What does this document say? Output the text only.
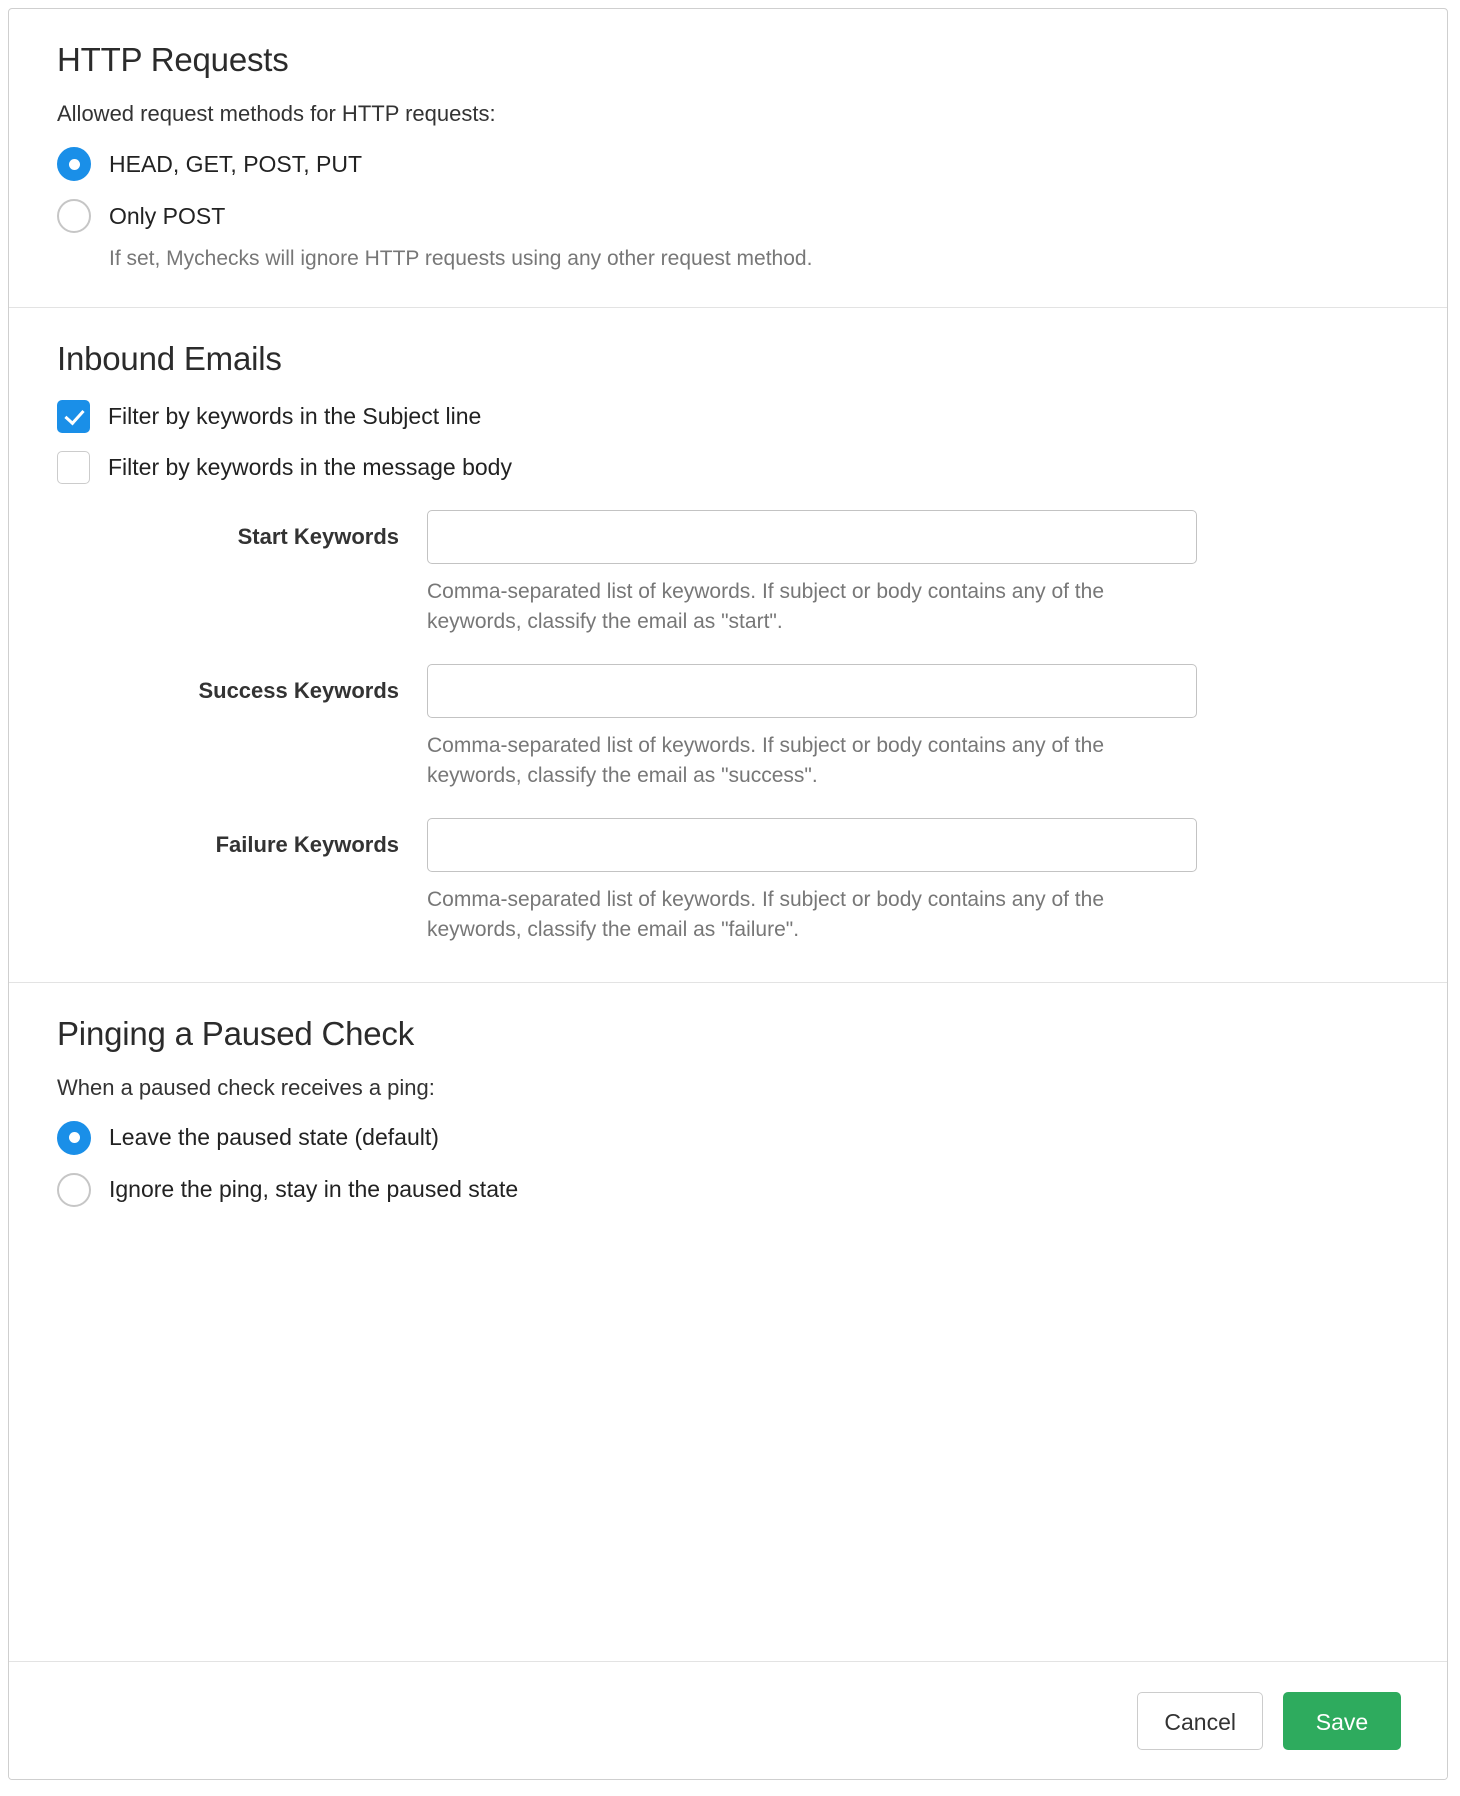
HTTP Requests

Allowed request methods for HTTP requests:

HEAD, GET, POST, PUT
Only POST
If set, Mychecks will ignore HTTP requests using any other request method.
Inbound Emails
Filter by keywords in the Subject line
Filter by keywords in the message body
Start Keywords
Comma-separated list of keywords. If subject or body contains any of the keywords, classify the email as "start".
Success Keywords
Comma-separated list of keywords. If subject or body contains any of the keywords, classify the email as "success".
Failure Keywords
Comma-separated list of keywords. If subject or body contains any of the keywords, classify the email as "failure".
Pinging a Paused Check

When a paused check receives a ping:

Leave the paused state (default)
Ignore the ping, stay in the paused state
Cancel	Save
